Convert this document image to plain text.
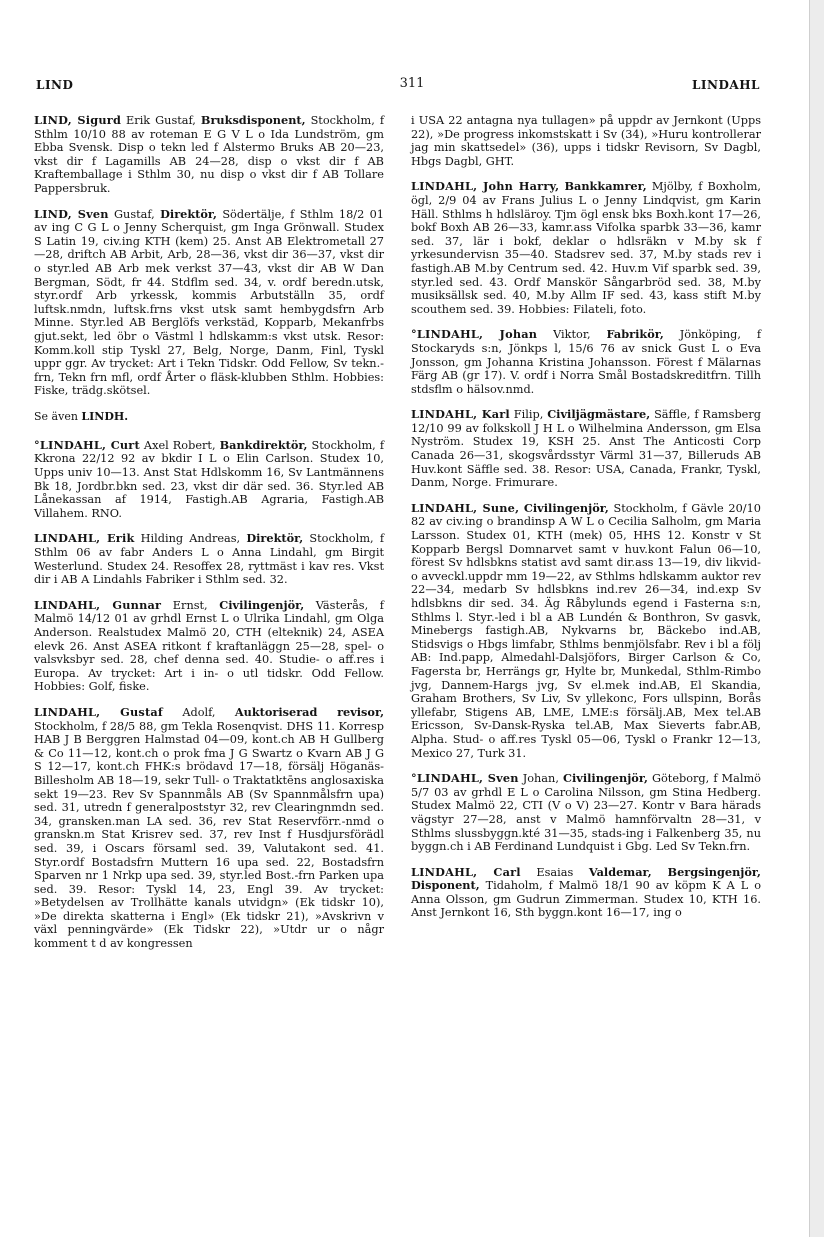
LIND	311	LINDAHL

LIND, Sigurd Erik Gustaf, Bruksdisponent, Stockholm, f Sthlm 10/10 88 av roteman E G V L o Ida Lundström, gm Ebba Svensk. Disp o tekn led f Alstermo Bruks AB 20—23, vkst dir f Lagamills AB 24—28, disp o vkst dir f AB Kraftemballage i Sthlm 30, nu disp o vkst dir f AB Tollare Pappersbruk.

LIND, Sven Gustaf, Direktör, Södertälje, f Sthlm 18/2 01 av ing C G L o Jenny Scherquist, gm Inga Grönwall. Studex S Latin 19, civ.ing KTH (kem) 25. Anst AB Elektrometall 27—28, driftch AB Arbit, Arb, 28—36, vkst dir 36—37, vkst dir o styr.led AB Arb mek verkst 37—43, vkst dir AB W Dan Bergman, Södt, fr 44. Stdflm sed. 34, v. ordf beredn.utsk, styr.ordf Arb yrkessk, kommis Arbutställn 35, ordf luftsk.nmdn, luftsk.frns vkst utsk samt hembygdsfrn Arb Minne. Styr.led AB Berglöfs verkstäd, Kopparb, Mekanfrbs gjut.sekt, led öbr o Västml l hdlskamm:s vkst utsk. Resor: Komm.koll stip Tyskl 27, Belg, Norge, Danm, Finl, Tyskl uppr ggr. Av trycket: Art i Tekn Tidskr. Odd Fellow, Sv tekn.-frn, Tekn frn mfl, ordf Årter o fläsk-klubben Sthlm. Hobbies: Fiske, trädg.skötsel.

Se även LINDH.

°LINDAHL, Curt Axel Robert, Bankdirektör, Stockholm, f Kkrona 22/12 92 av bkdir I L o Elin Carlson. Studex 10, Upps univ 10—13. Anst Stat Hdlskomm 16, Sv Lantmännens Bk 18, Jordbr.bkn sed. 23, vkst dir där sed. 36. Styr.led AB Lånekassan af 1914, Fastigh.AB Agraria, Fastigh.AB Villahem. RNO.

LINDAHL, Erik Hilding Andreas, Direktör, Stockholm, f Sthlm 06 av fabr Anders L o Anna Lindahl, gm Birgit Westerlund. Studex 24. Resoffex 28, ryttmäst i kav res. Vkst dir i AB A Lindahls Fabriker i Sthlm sed. 32.

LINDAHL, Gunnar Ernst, Civilingenjör, Västerås, f Malmö 14/12 01 av grhdl Ernst L o Ulrika Lindahl, gm Olga Anderson. Realstudex Malmö 20, CTH (elteknik) 24, ASEA elevk 26. Anst ASEA ritkont f kraftanläggn 25—28, spel- o valsvksbyr sed. 28, chef denna sed. 40. Studie- o aff.res i Europa. Av trycket: Art i in- o utl tidskr. Odd Fellow. Hobbies: Golf, fiske.

LINDAHL, Gustaf Adolf, Auktoriserad revisor, Stockholm, f 28/5 88, gm Tekla Rosenqvist. DHS 11. Korresp HAB J B Berggren Halmstad 04—09, kont.ch AB H Gullberg & Co 11—12, kont.ch o prok fma J G Swartz o Kvarn AB J G S 12—17, kont.ch FHK:s brödavd 17—18, försälj Höganäs-Billesholm AB 18—19, sekr Tull- o Traktatktēns anglosaxiska sekt 19—23. Rev Sv Spannmåls AB (Sv Spannmålsfrn upa) sed. 31, utredn f generalpoststyr 32, rev Clearingnmdn sed. 34, gransken.man LA sed. 36, rev Stat Reservförr.-nmd o granskn.m Stat Krisrev sed. 37, rev Inst f Husdjursförädl sed. 39, i Oscars församl sed. 39, Valutakont sed. 41. Styr.ordf Bostadsfrn Muttern 16 upa sed. 22, Bostadsfrn Sparven nr 1 Nrkp upa sed. 39, styr.led Bost.-frn Parken upa sed. 39. Resor: Tyskl 14, 23, Engl 39. Av trycket: »Betydelsen av Trollhätte kanals utvidgn» (Ek tidskr 10), »De direkta skatterna i Engl» (Ek tidskr 21), »Avskrivn v växl penningvärde» (Ek Tidskr 22), »Utdr ur o någr komment t d av kongressen

i USA 22 antagna nya tullagen» på uppdr av Jernkont (Upps 22), »De progress inkomstskatt i Sv (34), »Huru kontrollerar jag min skattsedel» (36), upps i tidskr Revisorn, Sv Dagbl, Hbgs Dagbl, GHT.

LINDAHL, John Harry, Bankkamrer, Mjölby, f Boxholm, ögl, 2/9 04 av Frans Julius L o Jenny Lindqvist, gm Karin Häll. Sthlms h hdlsläroy. Tjm ögl ensk bks Boxh.kont 17—26, bokf Boxh AB 26—33, kamr.ass Vifolka sparbk 33—36, kamr sed. 37, lär i bokf, deklar o hdlsräkn v M.by sk f yrkesundervisn 35—40. Stadsrev sed. 37, M.by stads rev i fastigh.AB M.by Centrum sed. 42. Huv.m Vif sparbk sed. 39, styr.led sed. 43. Ordf Manskör Sångarbröd sed. 38, M.by musiksällsk sed. 40, M.by Allm IF sed. 43, kass stift M.by scouthem sed. 39. Hobbies: Filateli, foto.

°LINDAHL, Johan Viktor, Fabrikör, Jönköping, f Stockaryds s:n, Jönkps l, 15/6 76 av snick Gust L o Eva Jonsson, gm Johanna Kristina Johansson. Förest f Mälarnas Färg AB (gr 17). V. ordf i Norra Smål Bostadskreditfrn. Tillh stdsflm o hälsov.nmd.

LINDAHL, Karl Filip, Civiljägmästare, Säffle, f Ramsberg 12/10 99 av folkskoll J H L o Wilhelmina Andersson, gm Elsa Nyström. Studex 19, KSH 25. Anst The Anticosti Corp Canada 26—31, skogsvårdsstyr Värml 31—37, Billeruds AB Huv.kont Säffle sed. 38. Resor: USA, Canada, Frankr, Tyskl, Danm, Norge. Frimurare.

LINDAHL, Sune, Civilingenjör, Stockholm, f Gävle 20/10 82 av civ.ing o brandinsp A W L o Cecilia Salholm, gm Maria Larsson. Studex 01, KTH (mek) 05, HHS 12. Konstr v St Kopparb Bergsl Domnarvet samt v huv.kont Falun 06—10, förest Sv hdlsbkns statist avd samt dir.ass 13—19, div likvid- o avveckl.uppdr mm 19—22, av Sthlms hdlskamm auktor rev 22—34, medarb Sv hdlsbkns ind.rev 26—34, ind.exp Sv hdlsbkns dir sed. 34. Äg Råbylunds egend i Fasterna s:n, Sthlms l. Styr.-led i bl a AB Lundén & Bonthron, Sv gasvk, Minebergs fastigh.AB, Nykvarns br, Bäckebo ind.AB, Stidsvigs o Hbgs limfabr, Sthlms benmjölsfabr. Rev i bl a följ AB: Ind.papp, Almedahl-Dalsjöfors, Birger Carlson & Co, Fagersta br, Herrängs gr, Hylte br, Munkedal, Sthlm-Rimbo jvg, Dannem-Hargs jvg, Sv el.mek ind.AB, El Skandia, Graham Brothers, Sv Liv, Sv yllekonc, Fors ullspinn, Borås yllefabr, Stigens AB, LME, LME:s försälj.AB, Mex tel.AB Ericsson, Sv-Dansk-Ryska tel.AB, Max Sieverts fabr.AB, Alpha. Stud- o aff.res Tyskl 05—06, Tyskl o Frankr 12—13, Mexico 27, Turk 31.

°LINDAHL, Sven Johan, Civilingenjör, Göteborg, f Malmö 5/7 03 av grhdl E L o Carolina Nilsson, gm Stina Hedberg. Studex Malmö 22, CTI (V o V) 23—27. Kontr v Bara härads vägstyr 27—28, anst v Malmö hamnförvaltn 28—31, v Sthlms slussbyggn.kté 31—35, stads-ing i Falkenberg 35, nu byggn.ch i AB Ferdinand Lundquist i Gbg. Led Sv Tekn.frn.

LINDAHL, Carl Esaias Valdemar, Bergsingenjör, Disponent, Tidaholm, f Malmö 18/1 90 av köpm K A L o Anna Olsson, gm Gudrun Zimmerman. Studex 10, KTH 16. Anst Jernkont 16, Sth byggn.kont 16—17, ing o
